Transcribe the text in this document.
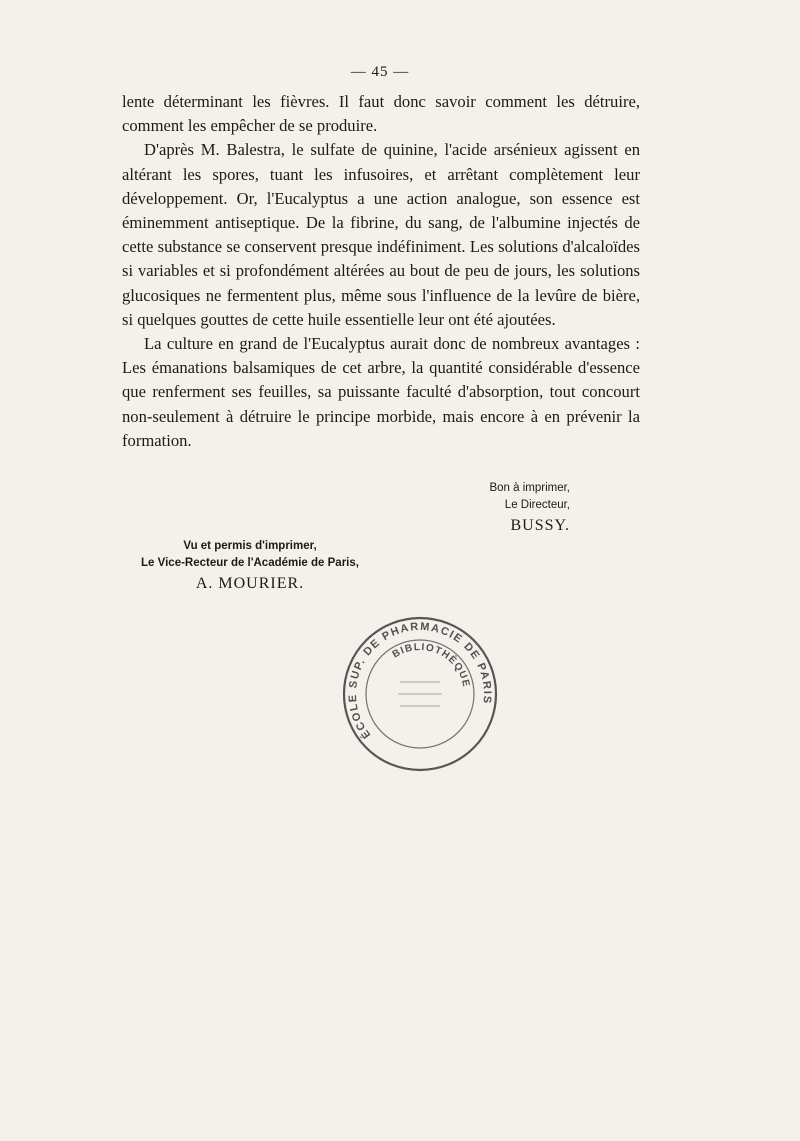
— 45 —

lente déterminant les fièvres. Il faut donc savoir comment les détruire, comment les empêcher de se produire.

D'après M. Balestra, le sulfate de quinine, l'acide arsénieux agissent en altérant les spores, tuant les infusoires, et arrêtant complètement leur développement. Or, l'Eucalyptus a une action analogue, son essence est éminemment antiseptique. De la fibrine, du sang, de l'albumine injectés de cette substance se conservent presque indéfiniment. Les solutions d'alcaloïdes si variables et si profondément altérées au bout de peu de jours, les solutions glucosiques ne fermentent plus, même sous l'influence de la levûre de bière, si quelques gouttes de cette huile essentielle leur ont été ajoutées.

La culture en grand de l'Eucalyptus aurait donc de nombreux avantages : Les émanations balsamiques de cet arbre, la quantité considérable d'essence que renferment ses feuilles, sa puissante faculté d'absorption, tout concourt non-seulement à détruire le principe morbide, mais encore à en prévenir la formation.

Bon à imprimer,
Le Directeur,
BUSSY.
Vu et permis d'imprimer,
Le Vice-Recteur de l'Académie de Paris,
A. MOURIER.
ÉCOLE SUP. DE PHARMACIE DE PARIS
BIBLIOTHÈQUE
